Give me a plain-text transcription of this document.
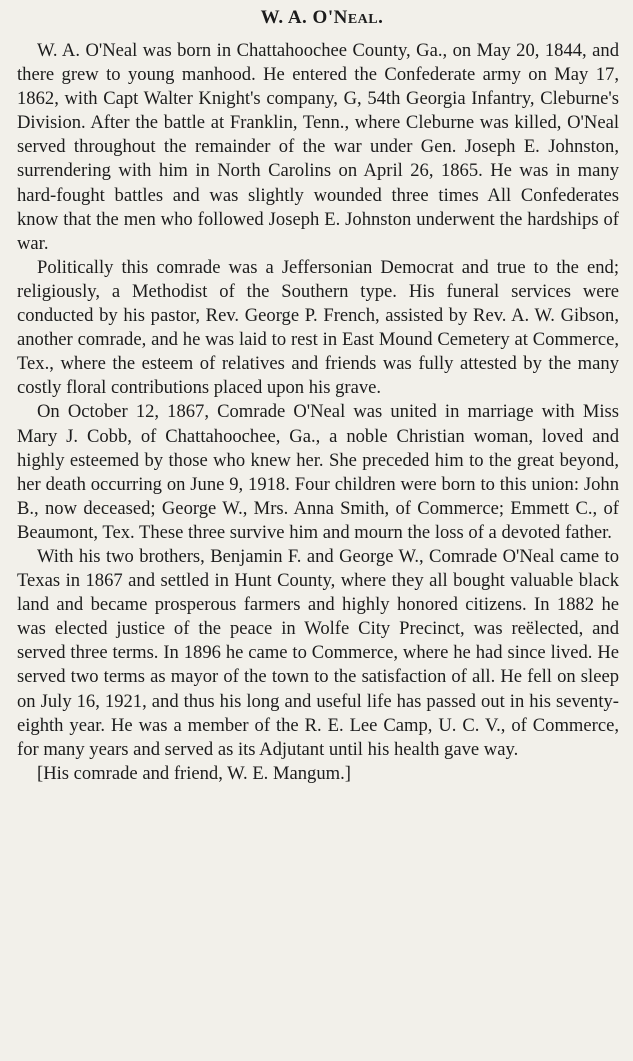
W. A. O'NEAL.

W. A. O'Neal was born in Chattahoochee County, Ga., on May 20, 1844, and there grew to young manhood. He entered the Confederate army on May 17, 1862, with Capt Walter Knight's company, G, 54th Georgia Infantry, Cleburne's Division. After the battle at Franklin, Tenn., where Cleburne was killed, O'Neal served throughout the remainder of the war under Gen. Joseph E. Johnston, surrendering with him in North Carolins on April 26, 1865. He was in many hard-fought battles and was slightly wounded three times All Confederates know that the men who followed Joseph E. Johnston underwent the hardships of war.

Politically this comrade was a Jeffersonian Democrat and true to the end; religiously, a Methodist of the Southern type. His funeral services were conducted by his pastor, Rev. George P. French, assisted by Rev. A. W. Gibson, another comrade, and he was laid to rest in East Mound Cemetery at Commerce, Tex., where the esteem of relatives and friends was fully attested by the many costly floral contributions placed upon his grave.

On October 12, 1867, Comrade O'Neal was united in marriage with Miss Mary J. Cobb, of Chattahoochee, Ga., a noble Christian woman, loved and highly esteemed by those who knew her. She preceded him to the great beyond, her death occurring on June 9, 1918. Four children were born to this union: John B., now deceased; George W., Mrs. Anna Smith, of Commerce; Emmett C., of Beaumont, Tex. These three survive him and mourn the loss of a devoted father.

With his two brothers, Benjamin F. and George W., Comrade O'Neal came to Texas in 1867 and settled in Hunt County, where they all bought valuable black land and became prosperous farmers and highly honored citizens. In 1882 he was elected justice of the peace in Wolfe City Precinct, was reëlected, and served three terms. In 1896 he came to Commerce, where he had since lived. He served two terms as mayor of the town to the satisfaction of all. He fell on sleep on July 16, 1921, and thus his long and useful life has passed out in his seventy-eighth year. He was a member of the R. E. Lee Camp, U. C. V., of Commerce, for many years and served as its Adjutant until his health gave way.

[His comrade and friend, W. E. Mangum.]
